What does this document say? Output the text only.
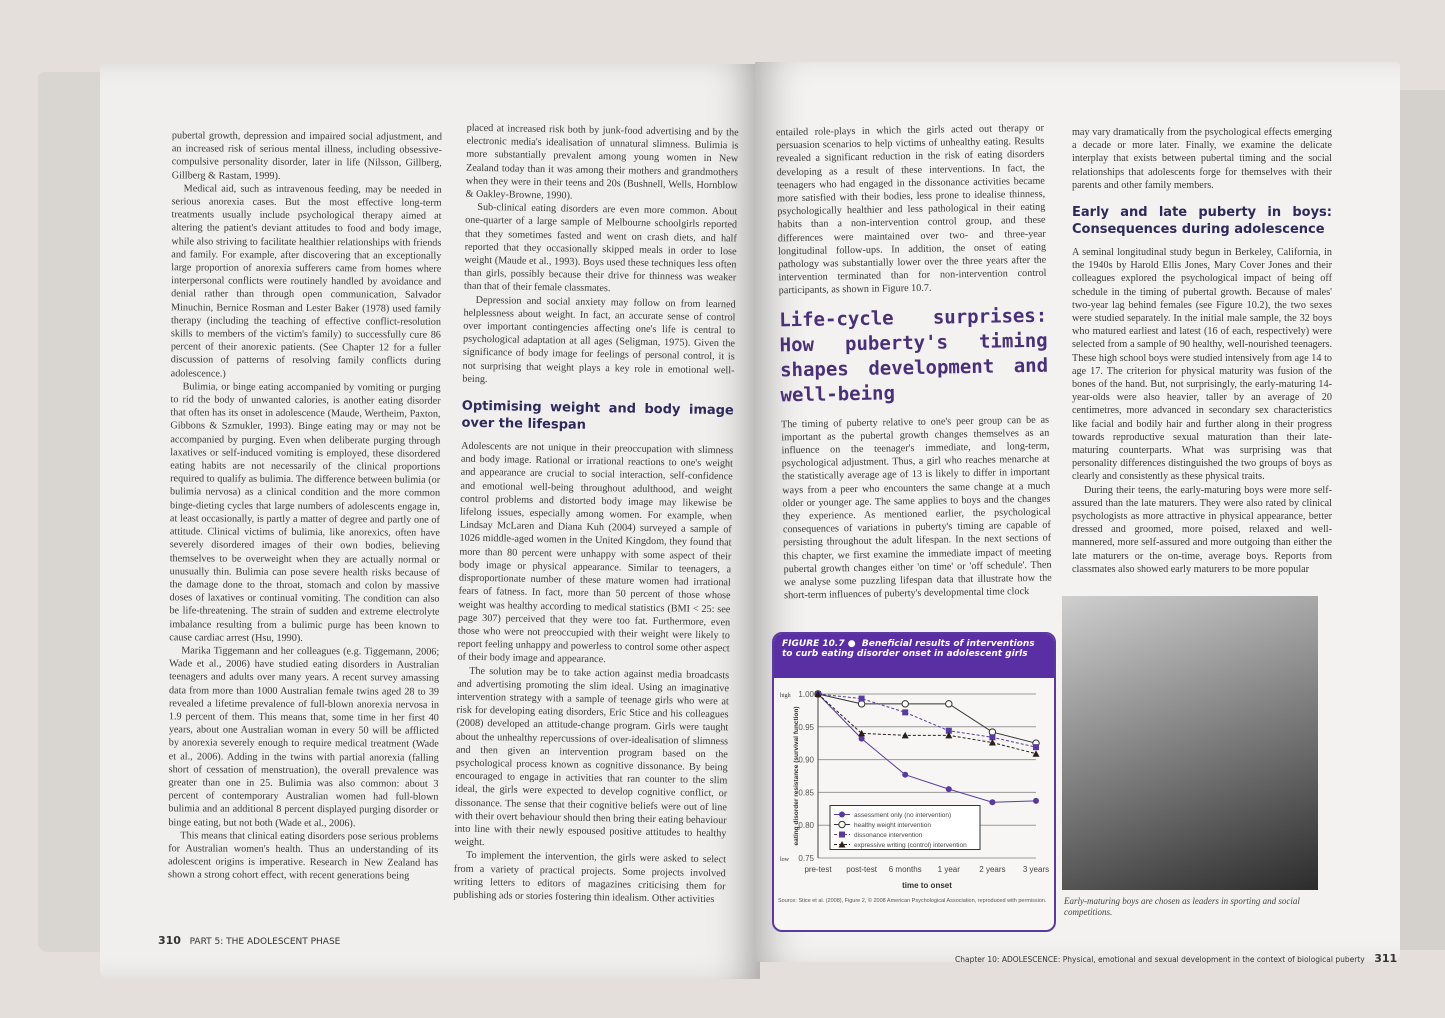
pubertal growth, depression and impaired social adjustment, and an increased risk of serious mental illness, including obsessive-compulsive personality disorder, later in life (Nilsson, Gillberg, Gillberg & Rastam, 1999).

Medical aid, such as intravenous feeding, may be needed in serious anorexia cases. But the most effective long-term treatments usually include psychological therapy aimed at altering the patient's deviant attitudes to food and body image, while also striving to facilitate healthier relationships with friends and family. For example, after discovering that an exceptionally large proportion of anorexia sufferers came from homes where interpersonal conflicts were routinely handled by avoidance and denial rather than through open communication, Salvador Minuchin, Bernice Rosman and Lester Baker (1978) used family therapy (including the teaching of effective conflict-resolution skills to members of the victim's family) to successfully cure 86 percent of their anorexic patients. (See Chapter 12 for a fuller discussion of patterns of resolving family conflicts during adolescence.)

Bulimia, or binge eating accompanied by vomiting or purging to rid the body of unwanted calories, is another eating disorder that often has its onset in adolescence (Maude, Wertheim, Paxton, Gibbons & Szmukler, 1993). Binge eating may or may not be accompanied by purging. Even when deliberate purging through laxatives or self-induced vomiting is employed, these disordered eating habits are not necessarily of the clinical proportions required to qualify as bulimia. The difference between bulimia (or bulimia nervosa) as a clinical condition and the more common binge-dieting cycles that large numbers of adolescents engage in, at least occasionally, is partly a matter of degree and partly one of attitude. Clinical victims of bulimia, like anorexics, often have severely disordered images of their own bodies, believing themselves to be overweight when they are actually normal or unusually thin. Bulimia can pose severe health risks because of the damage done to the throat, stomach and colon by massive doses of laxatives or continual vomiting. The condition can also be life-threatening. The strain of sudden and extreme electrolyte imbalance resulting from a bulimic purge has been known to cause cardiac arrest (Hsu, 1990).

Marika Tiggemann and her colleagues (e.g. Tiggemann, 2006; Wade et al., 2006) have studied eating disorders in Australian teenagers and adults over many years. A recent survey amassing data from more than 1000 Australian female twins aged 28 to 39 revealed a lifetime prevalence of full-blown anorexia nervosa in 1.9 percent of them. This means that, some time in her first 40 years, about one Australian woman in every 50 will be afflicted by anorexia severely enough to require medical treatment (Wade et al., 2006). Adding in the twins with partial anorexia (falling short of cessation of menstruation), the overall prevalence was greater than one in 25. Bulimia was also common: about 3 percent of contemporary Australian women had full-blown bulimia and an additional 8 percent displayed purging disorder or binge eating, but not both (Wade et al., 2006).

This means that clinical eating disorders pose serious problems for Australian women's health. Thus an understanding of its adolescent origins is imperative. Research in New Zealand has shown a strong cohort effect, with recent generations being

placed at increased risk both by junk-food advertising and by the electronic media's idealisation of unnatural slimness. Bulimia is more substantially prevalent among young women in New Zealand today than it was among their mothers and grandmothers when they were in their teens and 20s (Bushnell, Wells, Hornblow & Oakley-Browne, 1990).

Sub-clinical eating disorders are even more common. About one-quarter of a large sample of Melbourne schoolgirls reported that they sometimes fasted and went on crash diets, and half reported that they occasionally skipped meals in order to lose weight (Maude et al., 1993). Boys used these techniques less often than girls, possibly because their drive for thinness was weaker than that of their female classmates.

Depression and social anxiety may follow on from learned helplessness about weight. In fact, an accurate sense of control over important contingencies affecting one's life is central to psychological adaptation at all ages (Seligman, 1975). Given the significance of body image for feelings of personal control, it is not surprising that weight plays a key role in emotional well-being.

Optimising weight and body image over the lifespan

Adolescents are not unique in their preoccupation with slimness and body image. Rational or irrational reactions to one's weight and appearance are crucial to social interaction, self-confidence and emotional well-being throughout adulthood, and weight control problems and distorted body image may likewise be lifelong issues, especially among women. For example, when Lindsay McLaren and Diana Kuh (2004) surveyed a sample of 1026 middle-aged women in the United Kingdom, they found that more than 80 percent were unhappy with some aspect of their body image or physical appearance. Similar to teenagers, a disproportionate number of these mature women had irrational fears of fatness. In fact, more than 50 percent of those whose weight was healthy according to medical statistics (BMI < 25: see page 307) perceived that they were too fat. Furthermore, even those who were not preoccupied with their weight were likely to report feeling unhappy and powerless to control some other aspect of their body image and appearance.

The solution may be to take action against media broadcasts and advertising promoting the slim ideal. Using an imaginative intervention strategy with a sample of teenage girls who were at risk for developing eating disorders, Eric Stice and his colleagues (2008) developed an attitude-change program. Girls were taught about the unhealthy repercussions of over-idealisation of slimness and then given an intervention program based on the psychological process known as cognitive dissonance. By being encouraged to engage in activities that ran counter to the slim ideal, the girls were expected to develop cognitive conflict, or dissonance. The sense that their cognitive beliefs were out of line with their overt behaviour should then bring their eating behaviour into line with their newly espoused positive attitudes to healthy weight.

To implement the intervention, the girls were asked to select from a variety of practical projects. Some projects involved writing letters to editors of magazines criticising them for publishing ads or stories fostering thin idealism. Other activities

310 PART 5: THE ADOLESCENT PHASE

entailed role-plays in which the girls acted out therapy or persuasion scenarios to help victims of unhealthy eating. Results revealed a significant reduction in the risk of eating disorders developing as a result of these interventions. In fact, the teenagers who had engaged in the dissonance activities became more satisfied with their bodies, less prone to idealise thinness, psychologically healthier and less pathological in their eating habits than a non-intervention control group, and these differences were maintained over two- and three-year longitudinal follow-ups. In addition, the onset of eating pathology was substantially lower over the three years after the intervention terminated than for non-intervention control participants, as shown in Figure 10.7.

Life-cycle surprises: How puberty's timing shapes development and well-being

The timing of puberty relative to one's peer group can be as important as the pubertal growth changes themselves as an influence on the teenager's immediate, and long-term, psychological adjustment. Thus, a girl who reaches menarche at the statistically average age of 13 is likely to differ in important ways from a peer who encounters the same change at a much older or younger age. The same applies to boys and the changes they experience. As mentioned earlier, the psychological consequences of variations in puberty's timing are capable of persisting throughout the adult lifespan. In the next sections of this chapter, we first examine the immediate impact of meeting pubertal growth changes either 'on time' or 'off schedule'. Then we analyse some puzzling lifespan data that illustrate how the short-term influences of puberty's developmental time clock

may vary dramatically from the psychological effects emerging a decade or more later. Finally, we examine the delicate interplay that exists between pubertal timing and the social relationships that adolescents forge for themselves with their parents and other family members.

Early and late puberty in boys: Consequences during adolescence

A seminal longitudinal study begun in Berkeley, California, in the 1940s by Harold Ellis Jones, Mary Cover Jones and their colleagues explored the psychological impact of being off schedule in the timing of pubertal growth. Because of males' two-year lag behind females (see Figure 10.2), the two sexes were studied separately. In the initial male sample, the 32 boys who matured earliest and latest (16 of each, respectively) were selected from a sample of 90 healthy, well-nourished teenagers. These high school boys were studied intensively from age 14 to age 17. The criterion for physical maturity was fusion of the bones of the hand. But, not surprisingly, the early-maturing 14-year-olds were also heavier, taller by an average of 20 centimetres, more advanced in secondary sex characteristics like facial and bodily hair and further along in their progress towards reproductive sexual maturation than their late-maturing counterparts. What was surprising was that personality differences distinguished the two groups of boys as clearly and consistently as these physical traits.

During their teens, the early-maturing boys were more self-assured than the late maturers. They were also rated by clinical psychologists as more attractive in physical appearance, better dressed and groomed, more poised, relaxed and well-mannered, more self-assured and more outgoing than either the late maturers or the on-time, average boys. Reports from classmates also showed early maturers to be more popular

FIGURE 10.7 ●  Beneficial results of interventions to curb eating disorder onset in adolescent girls
1.00
0.95
0.90
0.85
0.80
0.75
high
low
pre-test post-test 6 months 1 year 2 years 3 years
time to onset
eating disorder resistance (survival function)	assessment only (no intervention)
healthy weight intervention
dissonance intervention
expressive writing (control) intervention
Source: Stice et al. (2008), Figure 2, © 2008 American Psychological Association, reproduced with permission. Early-maturing boys are chosen as leaders in sporting and social competitions.
Chapter 10: ADOLESCENCE: Physical, emotional and sexual development in the context of biological puberty 311
